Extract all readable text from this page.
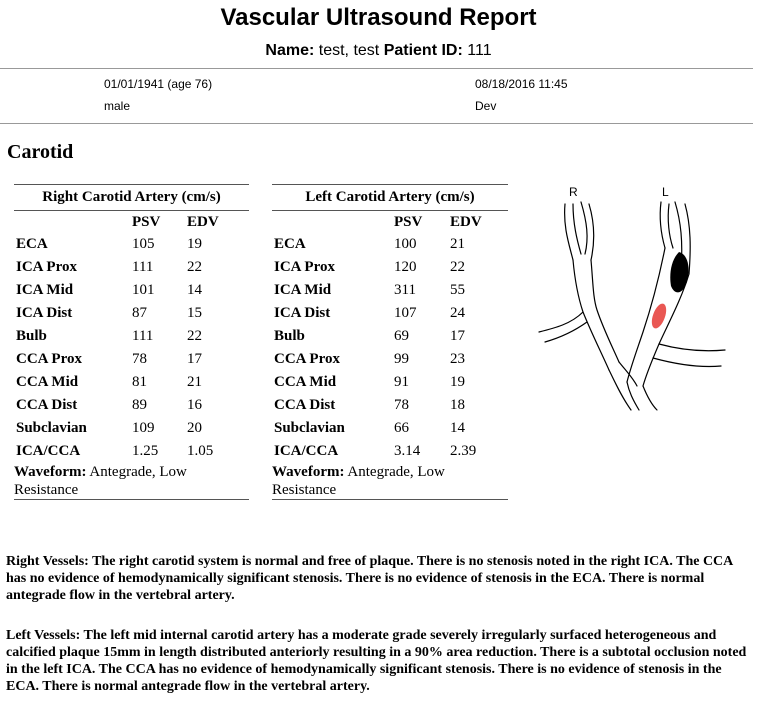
Vascular Ultrasound Report
Name: test, test Patient ID: 111
01/01/1941 (age 76)
male
08/18/2016 11:45
Dev
Carotid
Right Carotid Artery (cm/s)		
	PSV	EDV
ECA	105	19
ICA Prox	111	22
ICA Mid	101	14
ICA Dist	87	15
Bulb	111	22
CCA Prox	78	17
CCA Mid	81	21
CCA Dist	89	16
Subclavian	109	20
ICA/CCA	1.25	1.05
Waveform: Antegrade, Low Resistance		
Left Carotid Artery (cm/s)		
	PSV	EDV
ECA	100	21
ICA Prox	120	22
ICA Mid	311	55
ICA Dist	107	24
Bulb	69	17
CCA Prox	99	23
CCA Mid	91	19
CCA Dist	78	18
Subclavian	66	14
ICA/CCA	3.14	2.39
Waveform: Antegrade, Low Resistance		
R	L
Right Vessels: The right carotid system is normal and free of plaque. There is no stenosis noted in the right ICA. The CCA has no evidence of hemodynamically significant stenosis. There is no evidence of stenosis in the ECA. There is normal antegrade flow in the vertebral artery.
Left Vessels: The left mid internal carotid artery has a moderate grade severely irregularly surfaced heterogeneous and calcified plaque 15mm in length distributed anteriorly resulting in a 90% area reduction. There is a subtotal occlusion noted in the left ICA. The CCA has no evidence of hemodynamically significant stenosis. There is no evidence of stenosis in the ECA. There is normal antegrade flow in the vertebral artery.
